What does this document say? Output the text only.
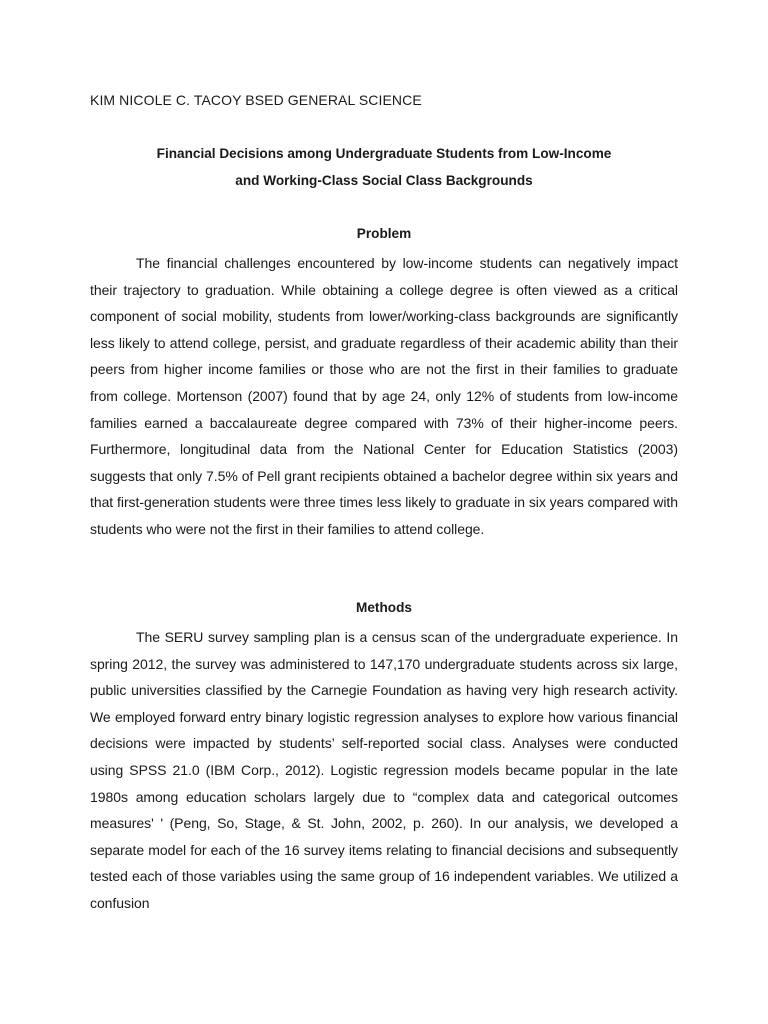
KIM NICOLE C. TACOY BSED GENERAL SCIENCE
Financial Decisions among Undergraduate Students from Low-Income
and Working-Class Social Class Backgrounds
Problem
The financial challenges encountered by low-income students can negatively impact their trajectory to graduation. While obtaining a college degree is often viewed as a critical component of social mobility, students from lower/working-class backgrounds are significantly less likely to attend college, persist, and graduate regardless of their academic ability than their peers from higher income families or those who are not the first in their families to graduate from college. Mortenson (2007) found that by age 24, only 12% of students from low-income families earned a baccalaureate degree compared with 73% of their higher-income peers. Furthermore, longitudinal data from the National Center for Education Statistics (2003) suggests that only 7.5% of Pell grant recipients obtained a bachelor degree within six years and that first-generation students were three times less likely to graduate in six years compared with students who were not the first in their families to attend college.
Methods
The SERU survey sampling plan is a census scan of the undergraduate experience. In spring 2012, the survey was administered to 147,170 undergraduate students across six large, public universities classified by the Carnegie Foundation as having very high research activity. We employed forward entry binary logistic regression analyses to explore how various financial decisions were impacted by students’ self-reported social class. Analyses were conducted using SPSS 21.0 (IBM Corp., 2012). Logistic regression models became popular in the late 1980s among education scholars largely due to “complex data and categorical outcomes measures' ' (Peng, So, Stage, & St. John, 2002, p. 260). In our analysis, we developed a separate model for each of the 16 survey items relating to financial decisions and subsequently tested each of those variables using the same group of 16 independent variables. We utilized a confusion
